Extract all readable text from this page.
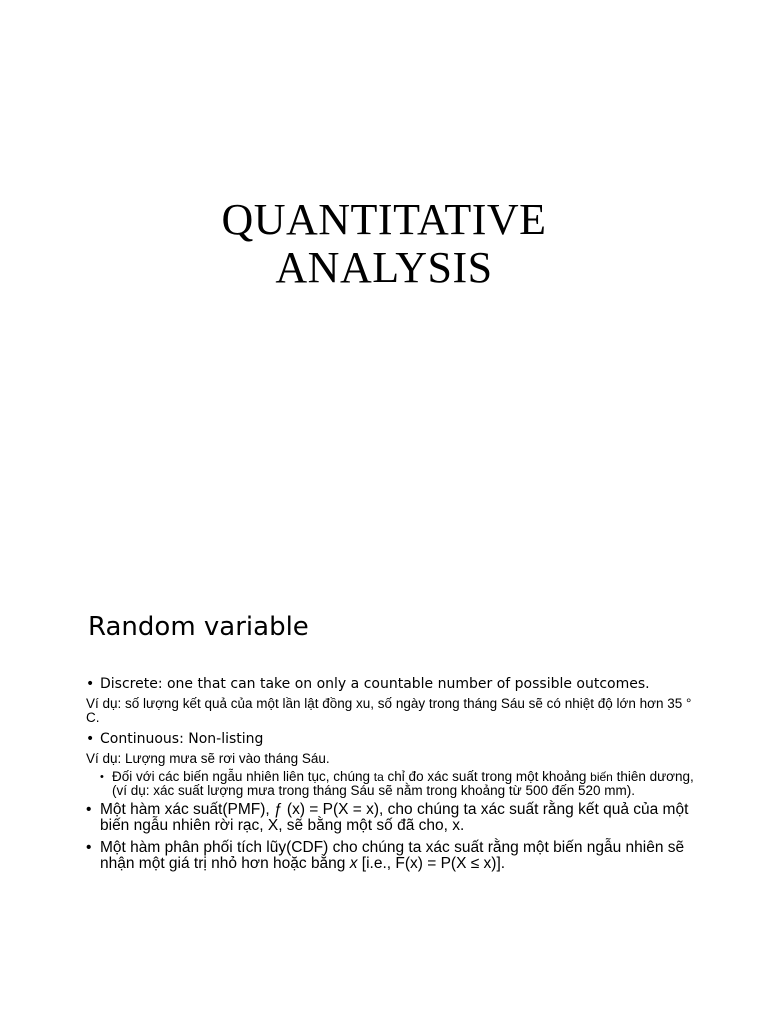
QUANTITATIVE
ANALYSIS
Random variable
• Discrete: one that can take on only a countable number of possible outcomes.
Ví dụ: số lượng kết quả của một lần lật đồng xu, số ngày trong tháng Sáu sẽ có nhiệt độ lớn hơn 35 ° C.
• Continuous: Non-listing
Ví dụ: Lượng mưa sẽ rơi vào tháng Sáu.
• Đối với các biến ngẫu nhiên liên tục, chúng ta chỉ đo xác suất trong một khoảng biến thiên dương, (ví dụ: xác suất lượng mưa trong tháng Sáu sẽ nằm trong khoảng từ 500 đến 520 mm).
• Một hàm xác suất(PMF), ƒ (x) = P(X = x), cho chúng ta xác suất rằng kết quả của một biến ngẫu nhiên rời rạc, X, sẽ bằng một số đã cho, x.
• Một hàm phân phối tích lũy(CDF) cho chúng ta xác suất rằng một biến ngẫu nhiên sẽ nhận một giá trị nhỏ hơn hoặc bằng x [i.e., F(x) = P(X ≤ x)].
